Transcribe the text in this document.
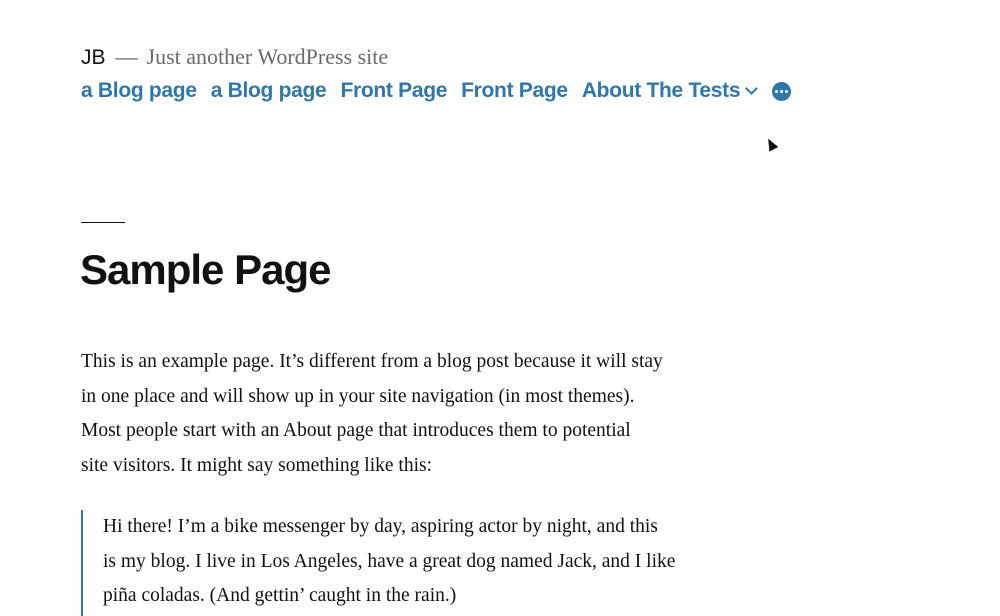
JB — Just another WordPress site
a Blog page a Blog page Front Page Front Page About The Tests
Sample Page

This is an example page. It’s different from a blog post because it will stay
in one place and will show up in your site navigation (in most themes).
Most people start with an About page that introduces them to potential
site visitors. It might say something like this:

Hi there! I’m a bike messenger by day, aspiring actor by night, and this
is my blog. I live in Los Angeles, have a great dog named Jack, and I like
piña coladas. (And gettin’ caught in the rain.)
